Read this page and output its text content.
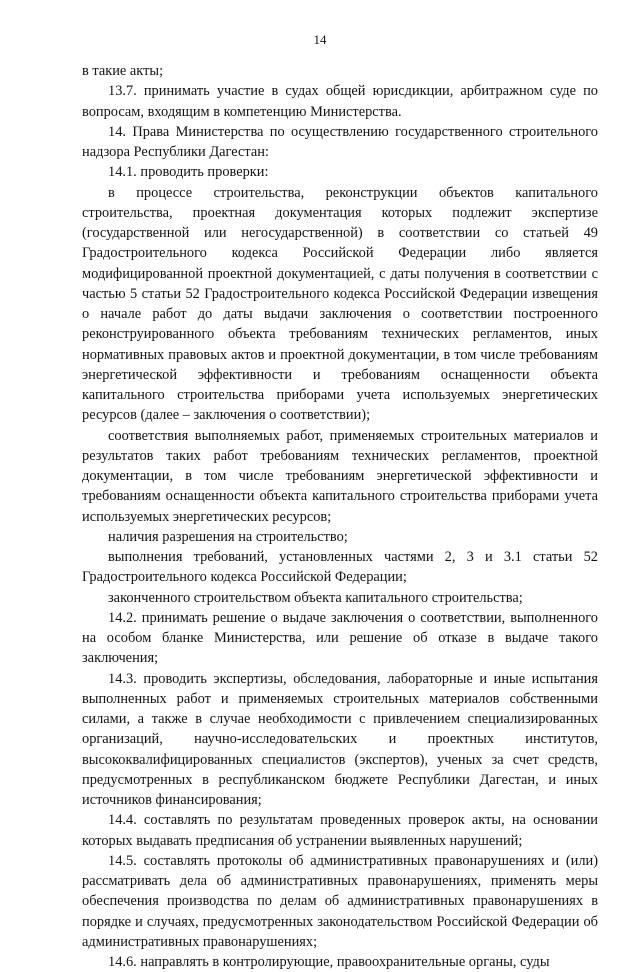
14

в такие акты;

13.7. принимать участие в судах общей юрисдикции, арбитражном суде по вопросам, входящим в компетенцию Министерства.

14. Права Министерства по осуществлению государственного строительного надзора Республики Дагестан:

14.1. проводить проверки:

в процессе строительства, реконструкции объектов капитального строительства, проектная документация которых подлежит экспертизе (государственной или негосударственной) в соответствии со статьей 49 Градостроительного кодекса Российской Федерации либо является модифицированной проектной документацией, с даты получения в соответствии с частью 5 статьи 52 Градостроительного кодекса Российской Федерации извещения о начале работ до даты выдачи заключения о соответствии построенного реконструированного объекта требованиям технических регламентов, иных нормативных правовых актов и проектной документации, в том числе требованиям энергетической эффективности и требованиям оснащенности объекта капитального строительства приборами учета используемых энергетических ресурсов (далее – заключения о соответствии);

соответствия выполняемых работ, применяемых строительных материалов и результатов таких работ требованиям технических регламентов, проектной документации, в том числе требованиям энергетической эффективности и требованиям оснащенности объекта капитального строительства приборами учета используемых энергетических ресурсов;

наличия разрешения на строительство;

выполнения требований, установленных частями 2, 3 и 3.1 статьи 52 Градостроительного кодекса Российской Федерации;

законченного строительством объекта капитального строительства;

14.2. принимать решение о выдаче заключения о соответствии, выполненного на особом бланке Министерства, или решение об отказе в выдаче такого заключения;

14.3. проводить экспертизы, обследования, лабораторные и иные испытания выполненных работ и применяемых строительных материалов собственными силами, а также в случае необходимости с привлечением специализированных организаций, научно-исследовательских и проектных институтов, высококвалифицированных специалистов (экспертов), ученых за счет средств, предусмотренных в республиканском бюджете Республики Дагестан, и иных источников финансирования;

14.4. составлять по результатам проведенных проверок акты, на основании которых выдавать предписания об устранении выявленных нарушений;

14.5. составлять протоколы об административных правонарушениях и (или) рассматривать дела об административных правонарушениях, применять меры обеспечения производства по делам об административных правонарушениях в порядке и случаях, предусмотренных законодательством Российской Федерации об административных правонарушениях;

14.6. направлять в контролирующие, правоохранительные органы, суды
